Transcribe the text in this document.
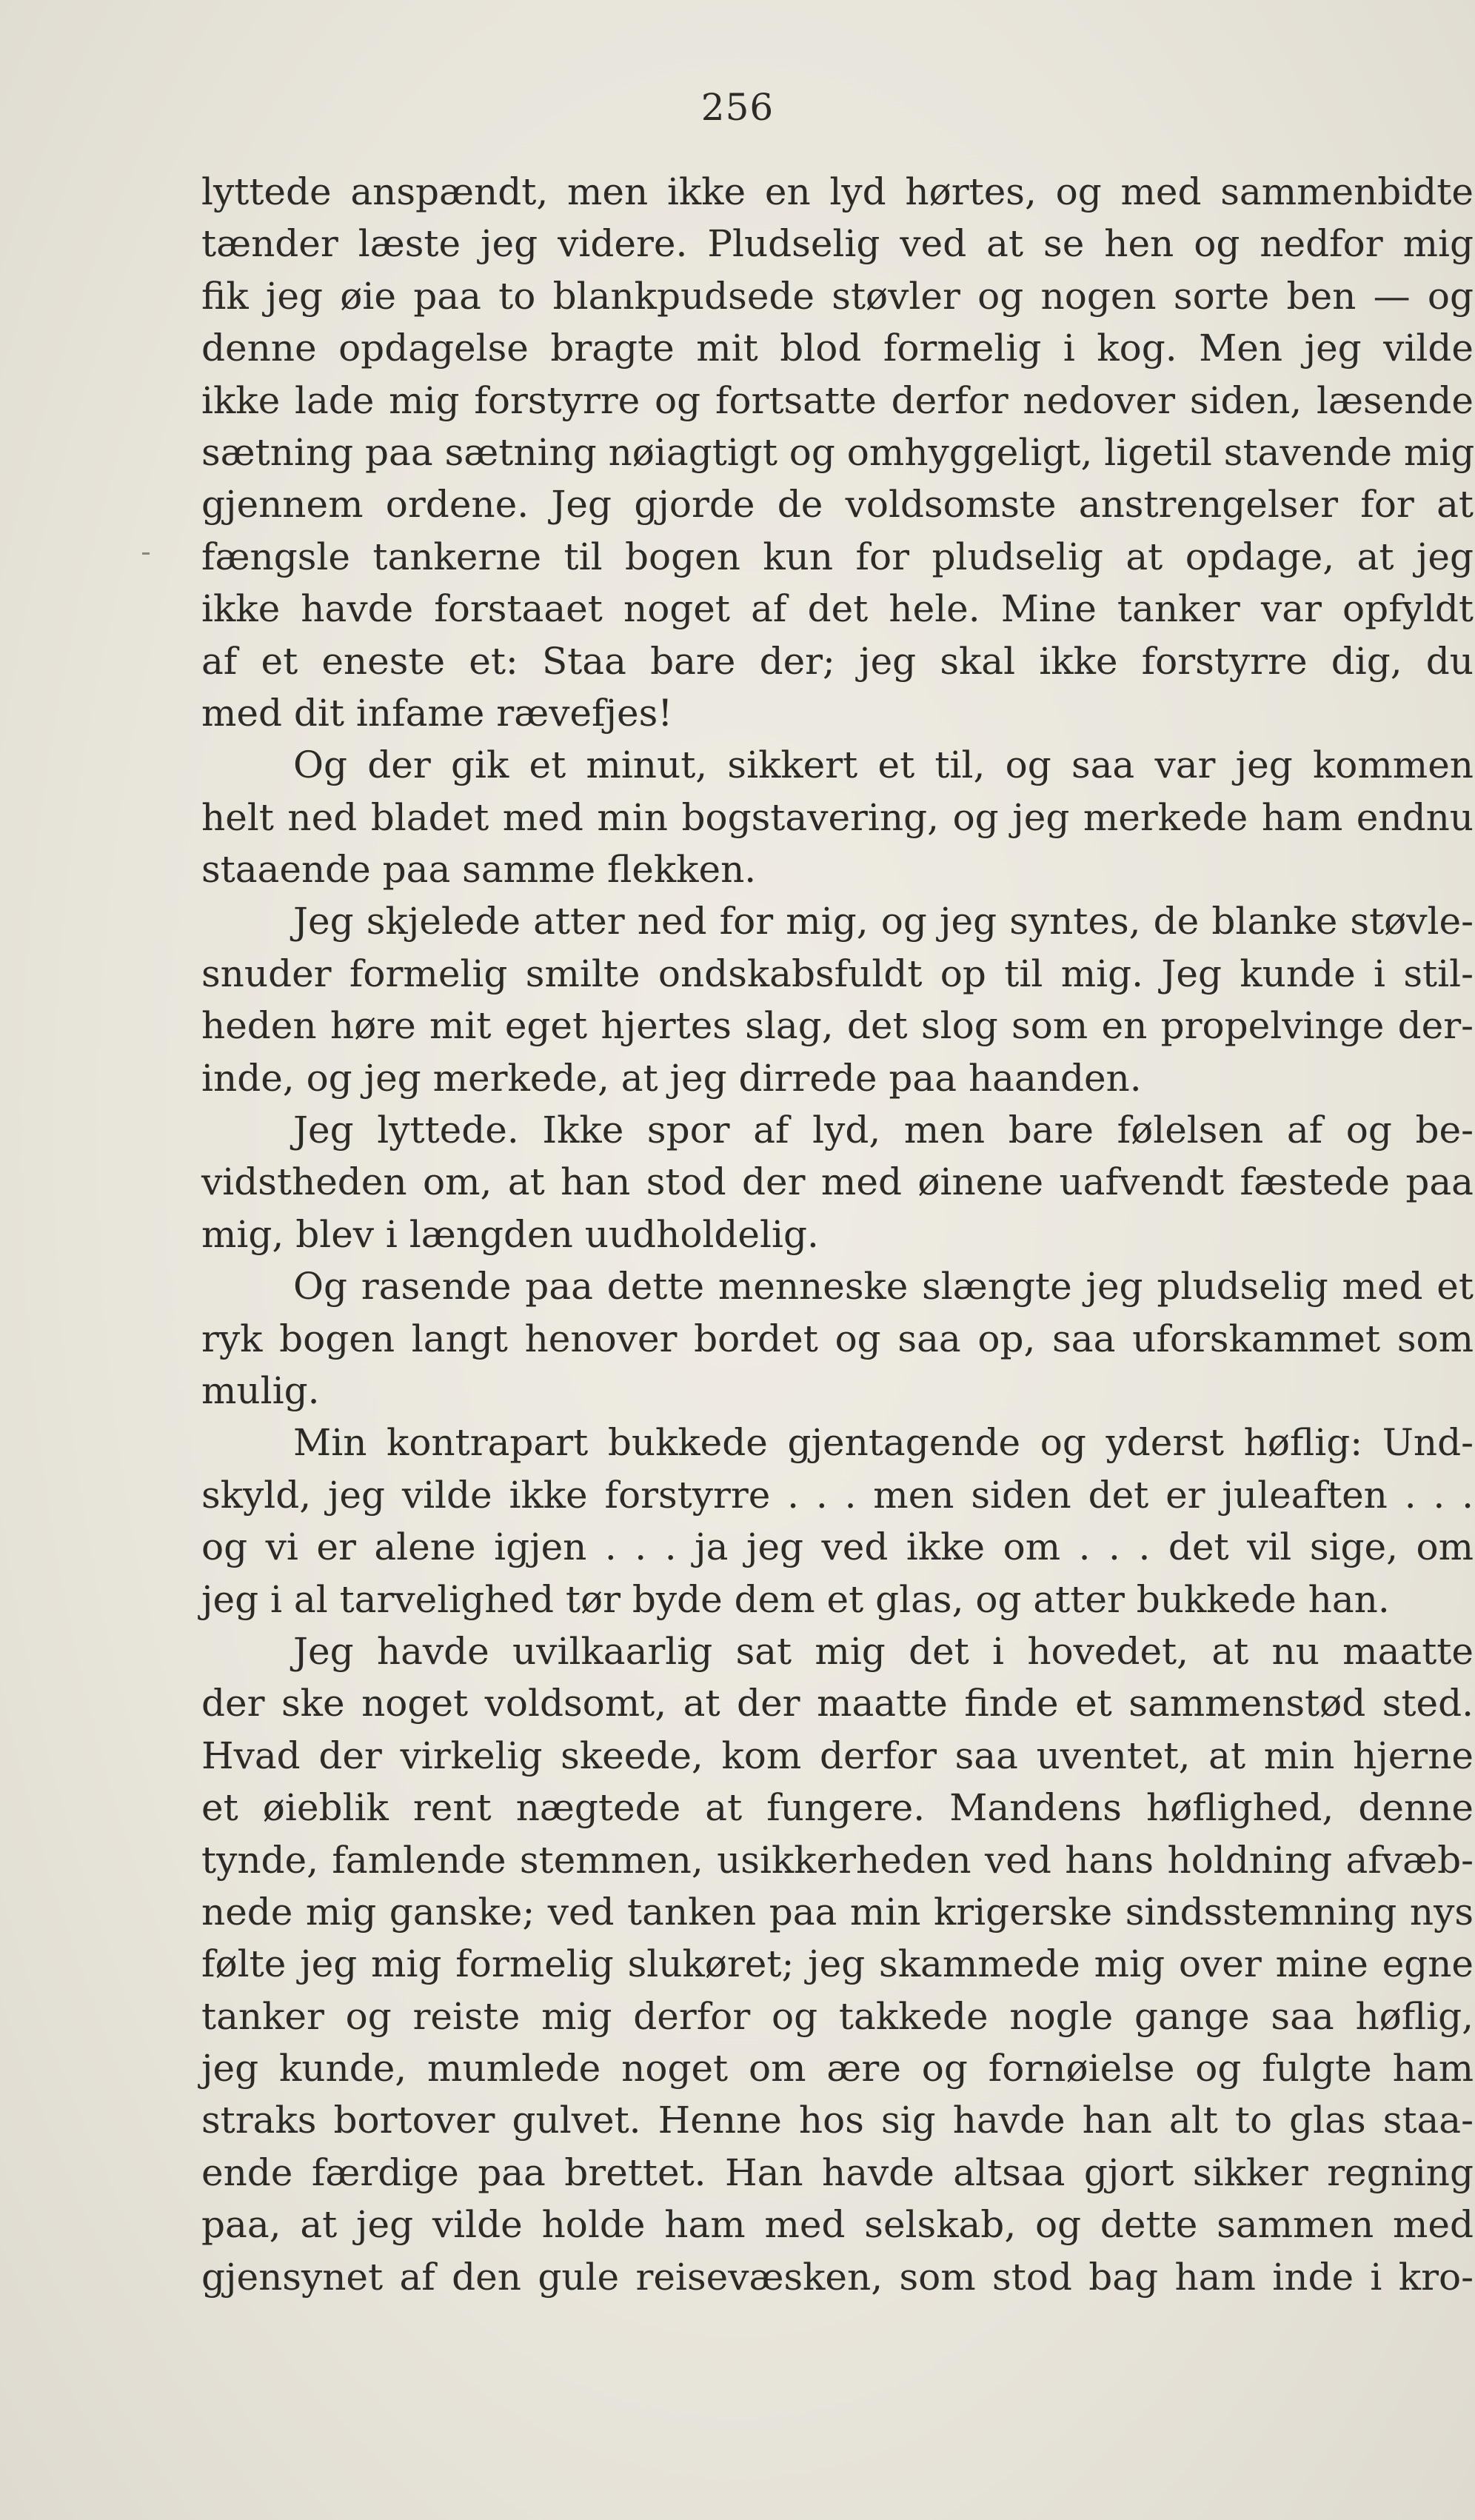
256
lyttede anspændt, men ikke en lyd hørtes, og med sammenbidte
tænder læste jeg videre. Pludselig ved at se hen og nedfor mig
fik jeg øie paa to blankpudsede støvler og nogen sorte ben — og
denne opdagelse bragte mit blod formelig i kog. Men jeg vilde
ikke lade mig forstyrre og fortsatte derfor nedover siden, læsende
sætning paa sætning nøiagtigt og omhyggeligt, ligetil stavende mig
gjennem ordene. Jeg gjorde de voldsomste anstrengelser for at
fængsle tankerne til bogen kun for pludselig at opdage, at jeg
ikke havde forstaaet noget af det hele. Mine tanker var opfyldt
af et eneste et: Staa bare der; jeg skal ikke forstyrre dig, du
med dit infame rævefjes!
Og der gik et minut, sikkert et til, og saa var jeg kommen
helt ned bladet med min bogstavering, og jeg merkede ham endnu
staaende paa samme flekken.
Jeg skjelede atter ned for mig, og jeg syntes, de blanke støvle-
snuder formelig smilte ondskabsfuldt op til mig. Jeg kunde i stil-
heden høre mit eget hjertes slag, det slog som en propelvinge der-
inde, og jeg merkede, at jeg dirrede paa haanden.
Jeg lyttede. Ikke spor af lyd, men bare følelsen af og be-
vidstheden om, at han stod der med øinene uafvendt fæstede paa
mig, blev i længden uudholdelig.
Og rasende paa dette menneske slængte jeg pludselig med et
ryk bogen langt henover bordet og saa op, saa uforskammet som
mulig.
Min kontrapart bukkede gjentagende og yderst høflig: Und-
skyld, jeg vilde ikke forstyrre . . . men siden det er juleaften . . .
og vi er alene igjen . . . ja jeg ved ikke om . . . det vil sige, om
jeg i al tarvelighed tør byde dem et glas, og atter bukkede han.
Jeg havde uvilkaarlig sat mig det i hovedet, at nu maatte
der ske noget voldsomt, at der maatte finde et sammenstød sted.
Hvad der virkelig skeede, kom derfor saa uventet, at min hjerne
et øieblik rent nægtede at fungere. Mandens høflighed, denne
tynde, famlende stemmen, usikkerheden ved hans holdning afvæb-
nede mig ganske; ved tanken paa min krigerske sindsstemning nys
følte jeg mig formelig slukøret; jeg skammede mig over mine egne
tanker og reiste mig derfor og takkede nogle gange saa høflig,
jeg kunde, mumlede noget om ære og fornøielse og fulgte ham
straks bortover gulvet. Henne hos sig havde han alt to glas staa-
ende færdige paa brettet. Han havde altsaa gjort sikker regning
paa, at jeg vilde holde ham med selskab, og dette sammen med
gjensynet af den gule reisevæsken, som stod bag ham inde i kro-
